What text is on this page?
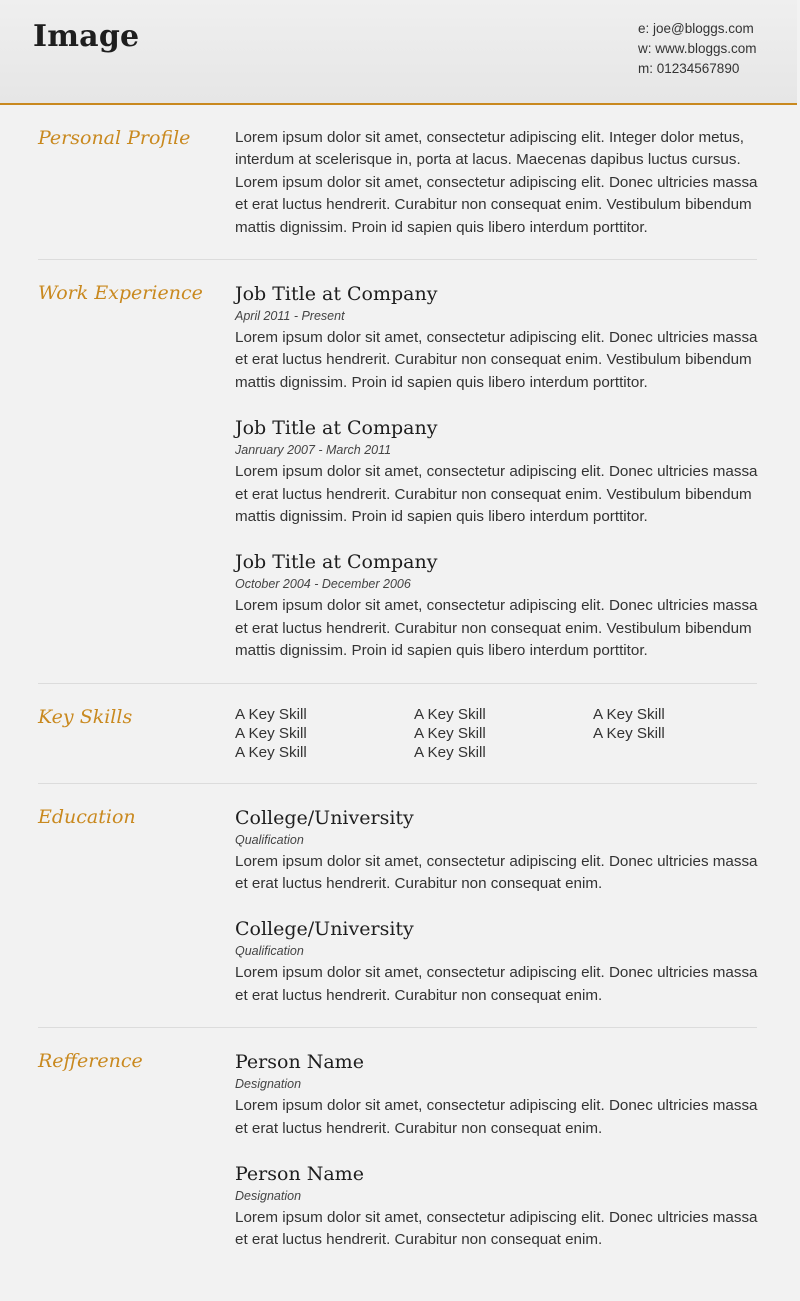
Image	e: joe@bloggs.com
w: www.bloggs.com
m: 01234567890
Personal Profile	Lorem ipsum dolor sit amet, consectetur adipiscing elit. Integer dolor metus, interdum at scelerisque in, porta at lacus. Maecenas dapibus luctus cursus. Lorem ipsum dolor sit amet, consectetur adipiscing elit. Donec ultricies massa et erat luctus hendrerit. Curabitur non consequat enim. Vestibulum bibendum mattis dignissim. Proin id sapien quis libero interdum porttitor.

Work Experience Job Title at Company

April 2011 - Present

Lorem ipsum dolor sit amet, consectetur adipiscing elit. Donec ultricies massa et erat luctus hendrerit. Curabitur non consequat enim. Vestibulum bibendum mattis dignissim. Proin id sapien quis libero interdum porttitor.

Job Title at Company

Janruary 2007 - March 2011

Lorem ipsum dolor sit amet, consectetur adipiscing elit. Donec ultricies massa et erat luctus hendrerit. Curabitur non consequat enim. Vestibulum bibendum mattis dignissim. Proin id sapien quis libero interdum porttitor.

Job Title at Company

October 2004 - December 2006

Lorem ipsum dolor sit amet, consectetur adipiscing elit. Donec ultricies massa et erat luctus hendrerit. Curabitur non consequat enim. Vestibulum bibendum mattis dignissim. Proin id sapien quis libero interdum porttitor.

Key Skills	A Key Skill	A Key Skill	A Key Skill
A Key Skill	A Key Skill	A Key Skill
A Key Skill	A Key Skill
Education	College/University

Qualification

Lorem ipsum dolor sit amet, consectetur adipiscing elit. Donec ultricies massa et erat luctus hendrerit. Curabitur non consequat enim.

College/University

Qualification

Lorem ipsum dolor sit amet, consectetur adipiscing elit. Donec ultricies massa et erat luctus hendrerit. Curabitur non consequat enim.

Refference	Person Name

Designation

Lorem ipsum dolor sit amet, consectetur adipiscing elit. Donec ultricies massa et erat luctus hendrerit. Curabitur non consequat enim.

Person Name

Designation

Lorem ipsum dolor sit amet, consectetur adipiscing elit. Donec ultricies massa et erat luctus hendrerit. Curabitur non consequat enim.
